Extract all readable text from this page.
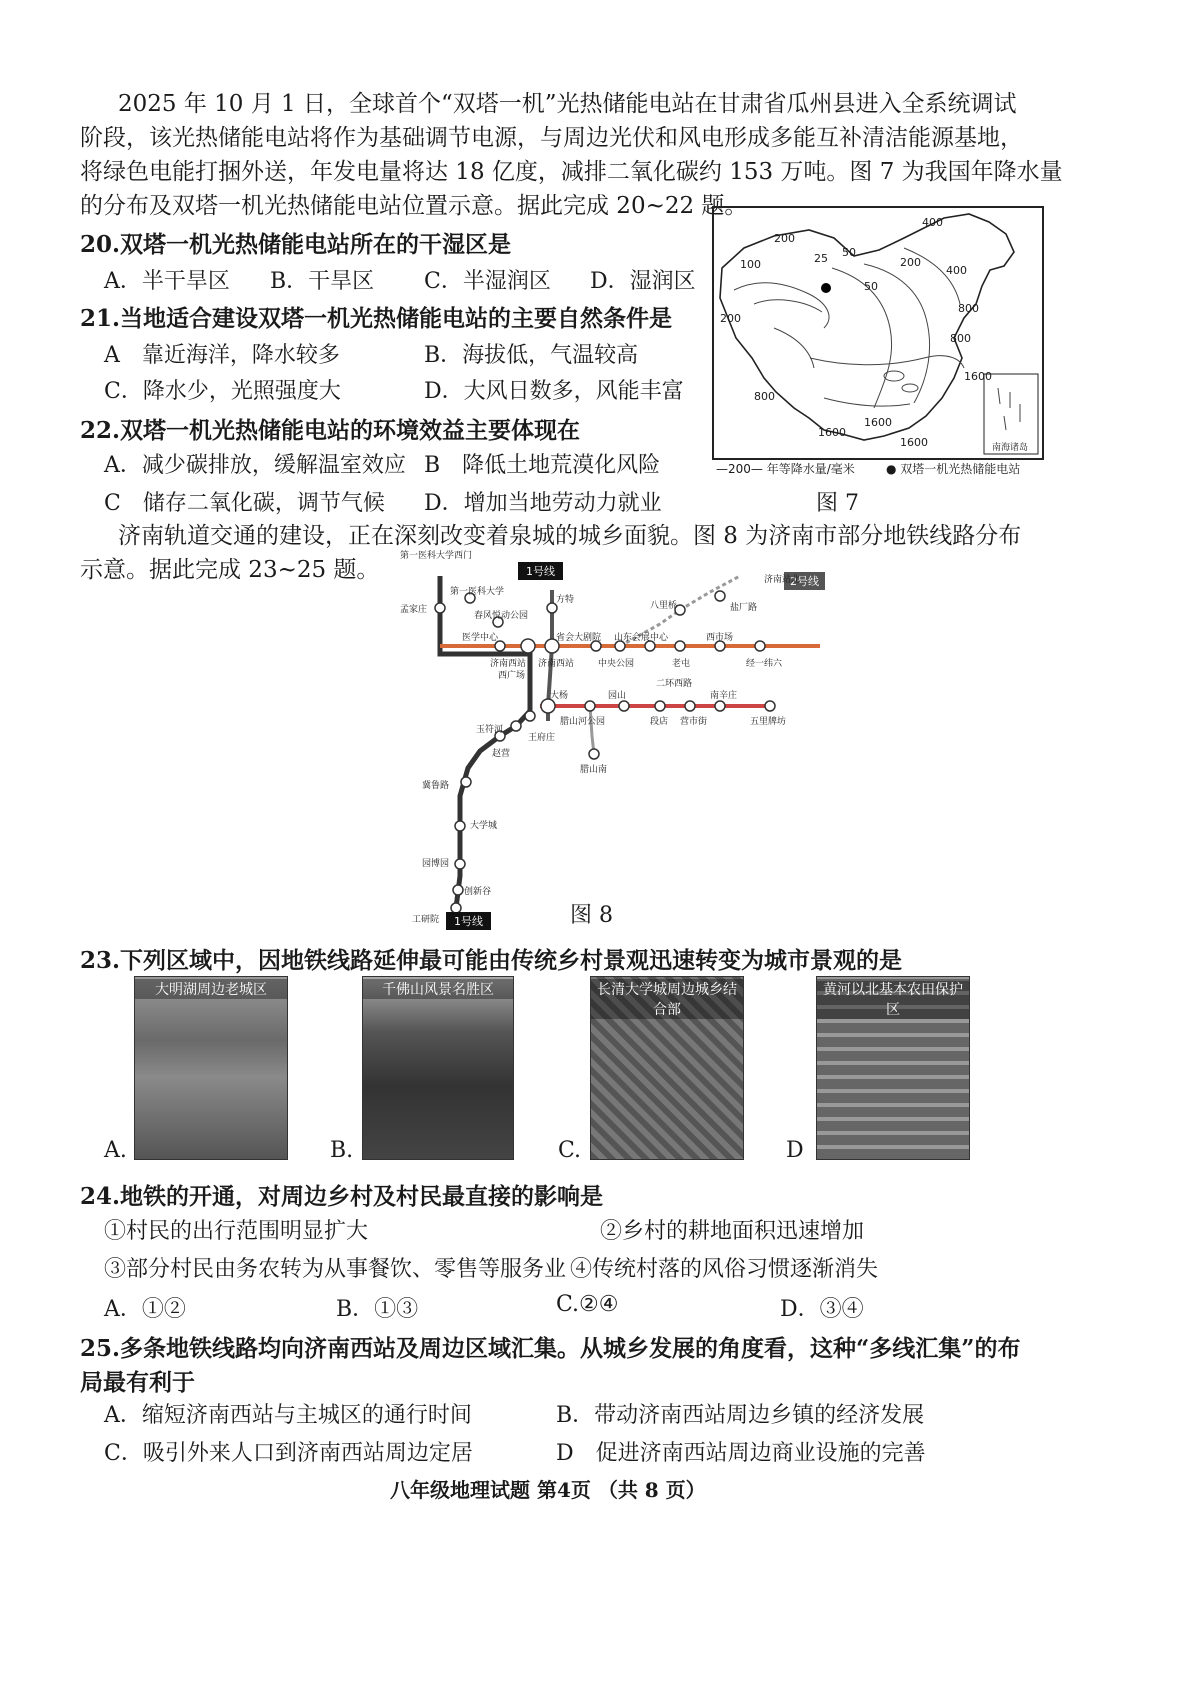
2025 年 10 月 1 日，全球首个“双塔一机”光热储能电站在甘肃省瓜州县进入全系统调试
阶段，该光热储能电站将作为基础调节电源，与周边光伏和风电形成多能互补清洁能源基地，
将绿色电能打捆外送，年发电量将达 18 亿度，减排二氧化碳约 153 万吨。图 7 为我国年降水量
的分布及双塔一机光热储能电站位置示意。据此完成 20~22 题。
20.双塔一机光热储能电站所在的干湿区是
A．半干旱区 B．干旱区 C．半湿润区 D．湿润区
21.当地适合建设双塔一机光热储能电站的主要自然条件是
A　靠近海洋，降水较多	B．海拔低，气温较高
C．降水少，光照强度大	D．大风日数多，风能丰富
22.双塔一机光热储能电站的环境效益主要体现在
A．减少碳排放，缓解温室效应 B　降低土地荒漠化风险
C　储存二氧化碳，调节气候 D．增加当地劳动力就业
400
200
100
50
25	200
400
50
200
800
800
1600
1600
1600
1600
800
南海诸岛
—200— 年等降水量/毫米	● 双塔一机光热储能电站
图 7
济南轨道交通的建设，正在深刻改变着泉城的城乡面貌。图 8 为济南市部分地铁线路分布
示意。据此完成 23~25 题。	1号线
2号线
1号线
第一医科大学西门
孟家庄
第一医科大学
春风悦动公园
医学中心
济南西站
西广场
方特
省会大剧院 山东会展中心
济南西站	中央公园
八里桥	盐厂路
济南站北
西市场
老屯	经一纬六
二环西路
大杨	园山
腊山河公园	段店 营市街
南辛庄
五里牌坊
腊山南
玉符河
王府庄
赵营
冀鲁路
大学城
园博园
创新谷
工研院	图 8
23.下列区域中，因地铁线路延伸最可能由传统乡村景观迅速转变为城市景观的是
大明湖周边老城区
A.
千佛山风景名胜区
B.
长清大学城周边城乡结合部
C.
黄河以北基本农田保护区
D
24.地铁的开通，对周边乡村及村民最直接的影响是
①村民的出行范围明显扩大	②乡村的耕地面积迅速增加
③部分村民由务农转为从事餐饮、零售等服务业 ④传统村落的风俗习惯逐渐消失
A．①②	B．①③	C.②④	D．③④
25.多条地铁线路均向济南西站及周边区域汇集。从城乡发展的角度看，这种“多线汇集”的布
局最有利于
A．缩短济南西站与主城区的通行时间	B．带动济南西站周边乡镇的经济发展
C．吸引外来人口到济南西站周边定居	D　促进济南西站周边商业设施的完善
八年级地理试题 第4页 （共 8 页）
